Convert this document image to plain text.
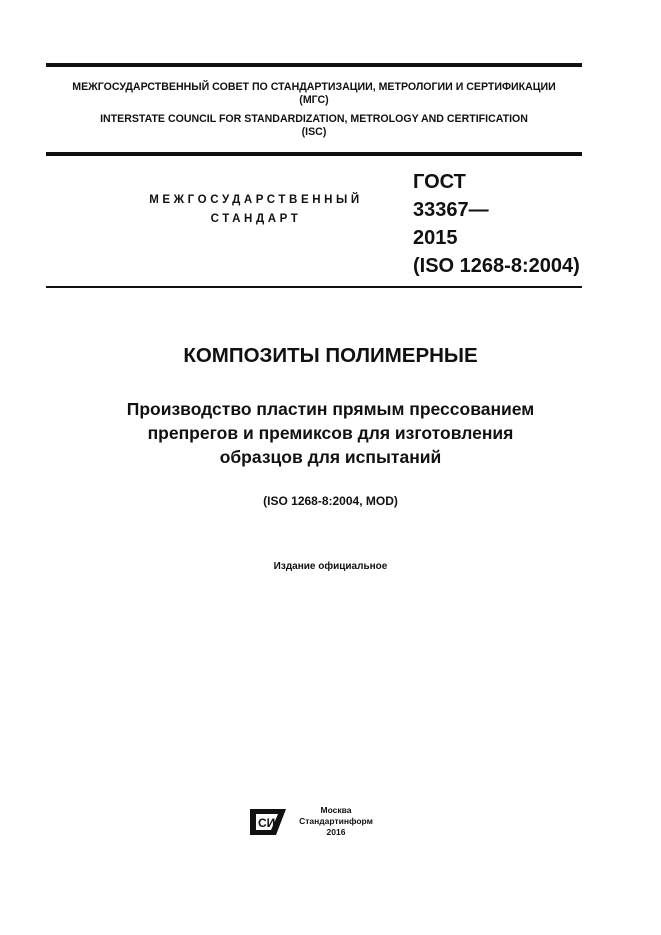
МЕЖГОСУДАРСТВЕННЫЙ СОВЕТ ПО СТАНДАРТИЗАЦИИ, МЕТРОЛОГИИ И СЕРТИФИКАЦИИ
(МГС)
INTERSTATE COUNCIL FOR STANDARDIZATION, METROLOGY AND CERTIFICATION
(ISC)
МЕЖГОСУДАРСТВЕННЫЙ
СТАНДАРТ
ГОСТ
33367—
2015
(ISO 1268-8:2004)
КОМПОЗИТЫ ПОЛИМЕРНЫЕ
Производство пластин прямым прессованием
препрегов и премиксов для изготовления
образцов для испытаний
(ISO 1268-8:2004, MOD)
Издание официальное
СИ
Москва
Стандартинформ
2016
